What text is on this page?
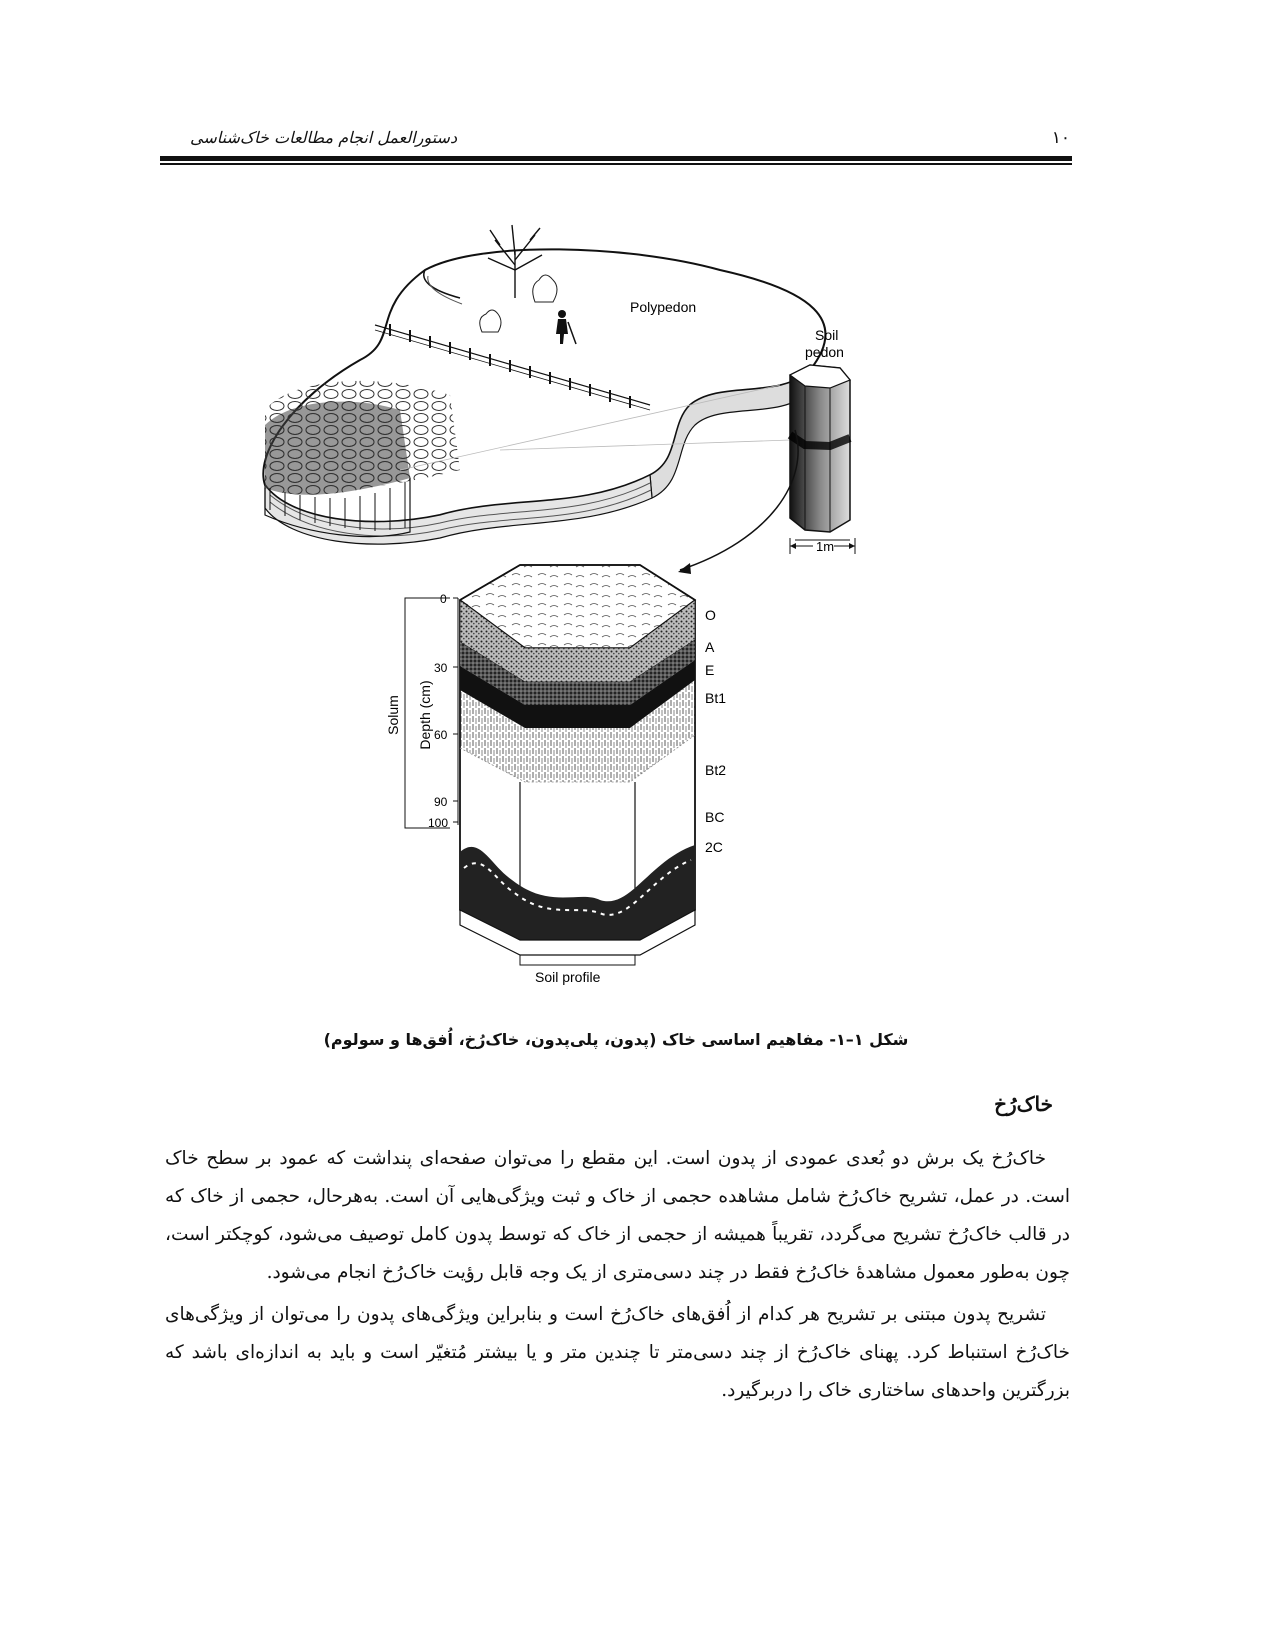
دستورالعمل انجام مطالعات خاک‌شناسی	۱۰
Polypedon
Soil
pedon
1m
Soil profile
O
A
E
Bt1
Bt2
BC
2C
0
30
60
90
100
Depth (cm)
Solum
شکل ۱–۱- مفاهیم اساسی خاک (پدون، پلی‌پدون، خاک‌رُخ، اُفق‌ها و سولوم)
خاک‌رُخ

خاک‌رُخ یک برش دو بُعدی عمودی از پدون است. این مقطع را می‌توان صفحه‌ای پنداشت که عمود بر سطح خاک است. در عمل، تشریح خاک‌رُخ شامل مشاهده حجمی از خاک و ثبت ویژگی‌هایی آن است. به‌هرحال، حجمی از خاک که در قالب خاک‌رُخ تشریح می‌گردد، تقریباً همیشه از حجمی از خاک که توسط پدون کامل توصیف می‌شود، کوچکتر است، چون به‌طور معمول مشاهدهٔ خاک‌رُخ فقط در چند دسی‌متری از یک وجه قابل رؤیت خاک‌رُخ انجام می‌شود.

تشریح پدون مبتنی بر تشریح هر کدام از اُفق‌های خاک‌رُخ است و بنابراین ویژگی‌های پدون را می‌توان از ویژگی‌های خاک‌رُخ استنباط کرد. پهنای خاک‌رُخ از چند دسی‌متر تا چندین متر و یا بیشتر مُتغیّر است و باید به اندازه‌ای باشد که بزرگترین واحدهای ساختاری خاک را دربرگیرد.
